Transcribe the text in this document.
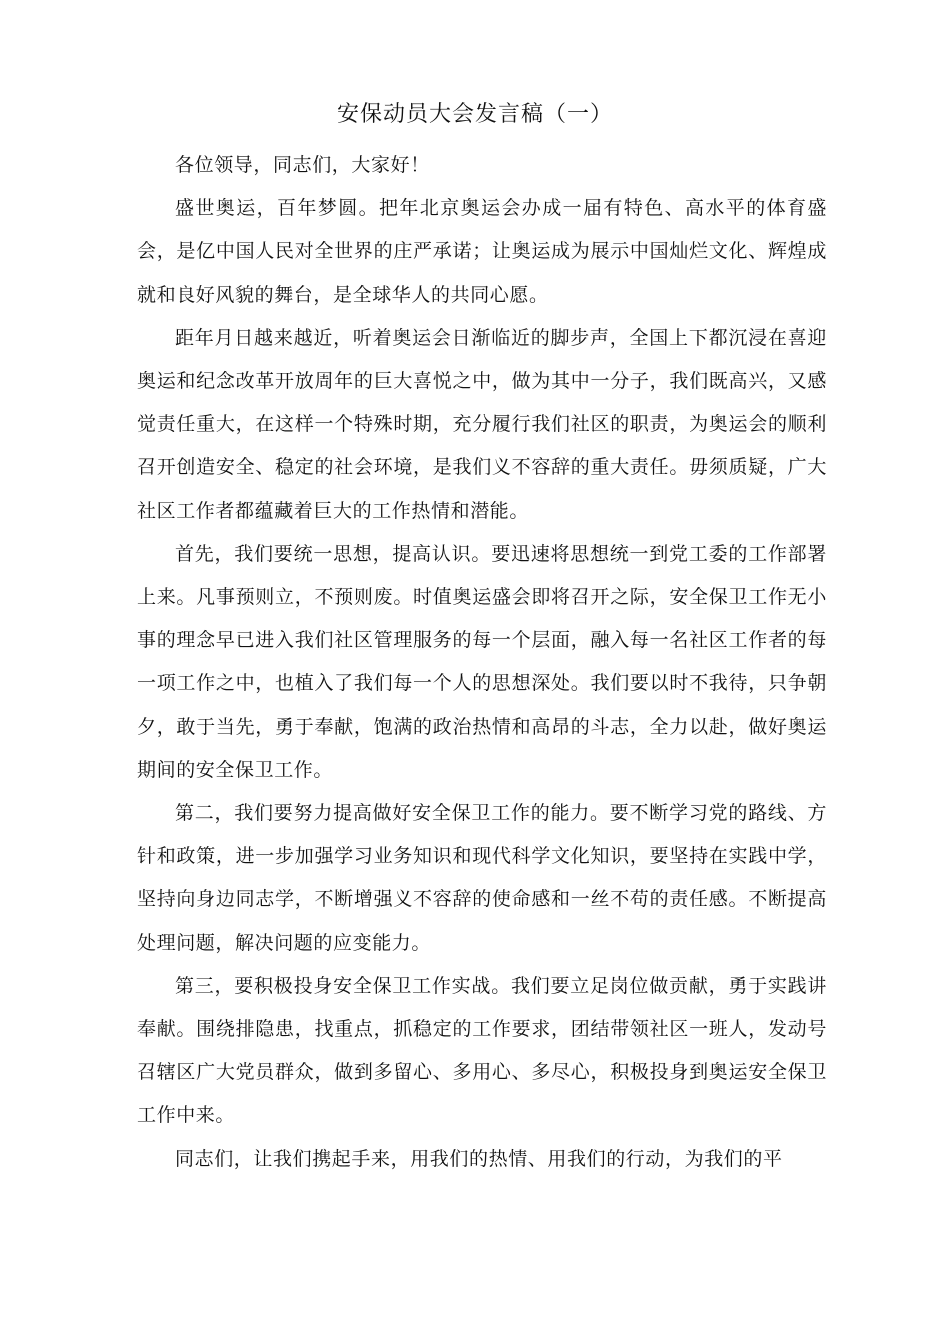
安保动员大会发言稿（一）

各位领导，同志们，大家好！

盛世奥运，百年梦圆。把年北京奥运会办成一届有特色、高水平的体育盛会，是亿中国人民对全世界的庄严承诺；让奥运成为展示中国灿烂文化、辉煌成就和良好风貌的舞台，是全球华人的共同心愿。

距年月日越来越近，听着奥运会日渐临近的脚步声，全国上下都沉浸在喜迎奥运和纪念改革开放周年的巨大喜悦之中，做为其中一分子，我们既高兴，又感觉责任重大，在这样一个特殊时期，充分履行我们社区的职责，为奥运会的顺利召开创造安全、稳定的社会环境，是我们义不容辞的重大责任。毋须质疑，广大社区工作者都蕴藏着巨大的工作热情和潜能。

首先，我们要统一思想，提高认识。要迅速将思想统一到党工委的工作部署上来。凡事预则立，不预则废。时值奥运盛会即将召开之际，安全保卫工作无小事的理念早已进入我们社区管理服务的每一个层面，融入每一名社区工作者的每一项工作之中，也植入了我们每一个人的思想深处。我们要以时不我待，只争朝夕，敢于当先，勇于奉献，饱满的政治热情和高昂的斗志，全力以赴，做好奥运期间的安全保卫工作。

第二，我们要努力提高做好安全保卫工作的能力。要不断学习党的路线、方针和政策，进一步加强学习业务知识和现代科学文化知识，要坚持在实践中学，坚持向身边同志学，不断增强义不容辞的使命感和一丝不苟的责任感。不断提高处理问题，解决问题的应变能力。

第三，要积极投身安全保卫工作实战。我们要立足岗位做贡献，勇于实践讲奉献。围绕排隐患，找重点，抓稳定的工作要求，团结带领社区一班人，发动号召辖区广大党员群众，做到多留心、多用心、多尽心，积极投身到奥运安全保卫工作中来。

同志们，让我们携起手来，用我们的热情、用我们的行动，为我们的平
